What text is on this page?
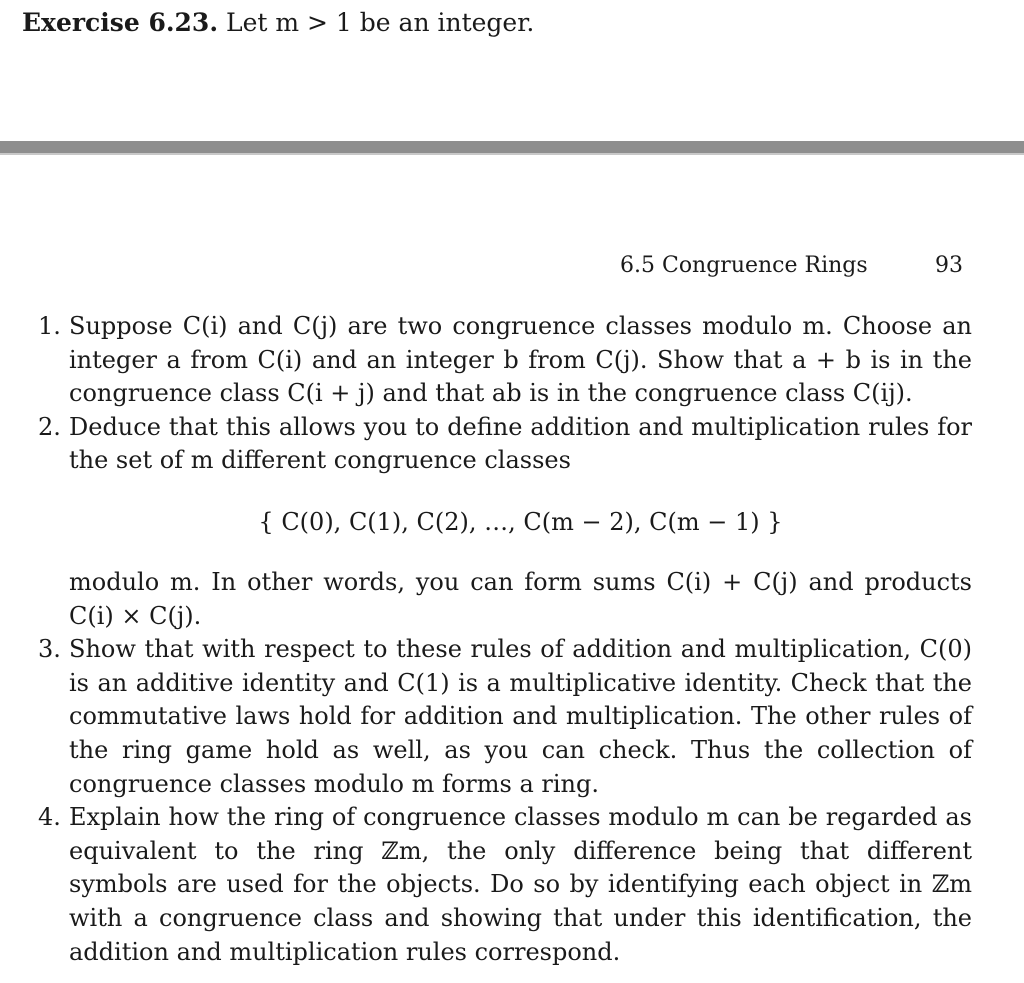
Exercise 6.23. Let m > 1 be an integer.
6.5 Congruence Rings	93
1. Suppose C(i) and C(j) are two congruence classes modulo m. Choose an integer a from C(i) and an integer b from C(j). Show that a + b is in the congruence class C(i + j) and that ab is in the congruence class C(ij).

2. Deduce that this allows you to define addition and multiplication rules for the set of m different congruence classes

{ C(0), C(1), C(2), …, C(m − 2), C(m − 1) }

modulo m. In other words, you can form sums C(i) + C(j) and products C(i) × C(j).

3. Show that with respect to these rules of addition and multiplication, C(0) is an additive identity and C(1) is a multiplicative identity. Check that the commutative laws hold for addition and multiplication. The other rules of the ring game hold as well, as you can check. Thus the collection of congruence classes modulo m forms a ring.

4. Explain how the ring of congruence classes modulo m can be regarded as equivalent to the ring ℤm, the only difference being that different symbols are used for the objects. Do so by identifying each object in ℤm with a congruence class and showing that under this identification, the addition and multiplication rules correspond.
